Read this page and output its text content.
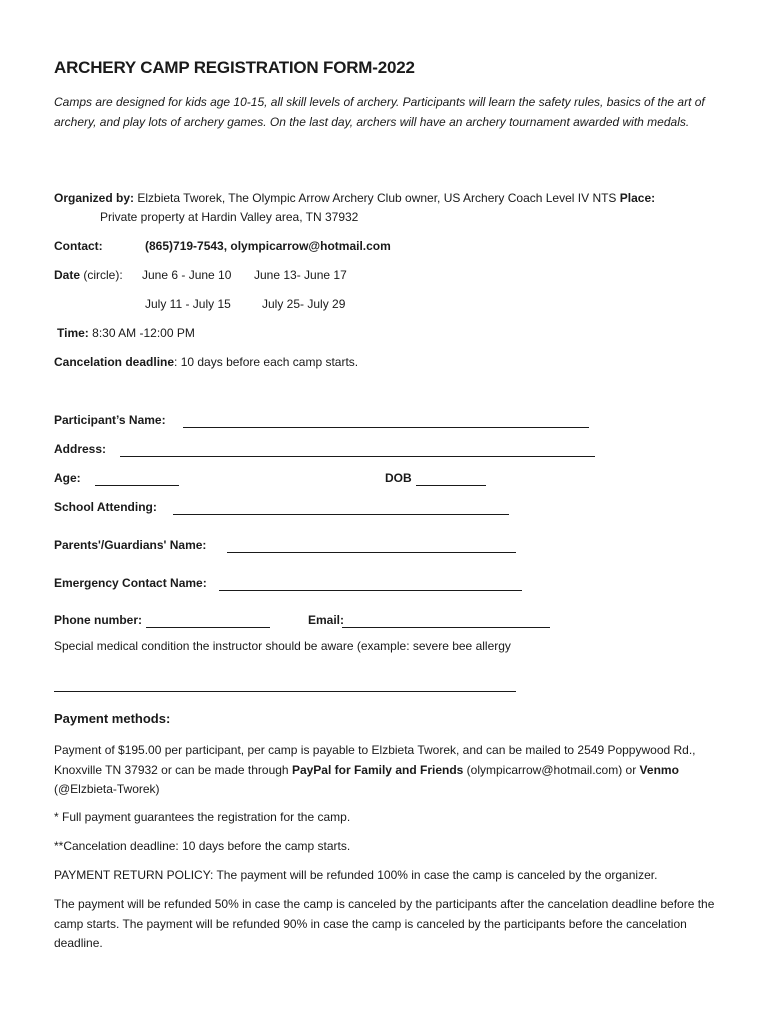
ARCHERY CAMP REGISTRATION FORM-2022
Camps are designed for kids age 10-15, all skill levels of archery. Participants will learn the safety rules, basics of the art of archery, and play lots of archery games. On the last day, archers will have an archery tournament awarded with medals.
Organized by: Elzbieta Tworek, The Olympic Arrow Archery Club owner, US Archery Coach Level IV NTS Place:
Private property at Hardin Valley area, TN 37932
Contact:	(865)719-7543, olympicarrow@hotmail.com
Date (circle): June 6 - June 10 June 13- June 17
July 11 - July 15	July 25- July 29
Time: 8:30 AM -12:00 PM
Cancelation deadline: 10 days before each camp starts.
Participant’s Name:
Address:
Age:	DOB
School Attending:
Parents'/Guardians' Name:
Emergency Contact Name:
Phone number:	Email:
Special medical condition the instructor should be aware (example: severe bee allergy
Payment methods:
Payment of $195.00 per participant, per camp is payable to Elzbieta Tworek, and can be mailed to 2549 Poppywood Rd., Knoxville TN 37932 or can be made through PayPal for Family and Friends (olympicarrow@hotmail.com) or Venmo (@Elzbieta-Tworek)
* Full payment guarantees the registration for the camp.
**Cancelation deadline: 10 days before the camp starts.
PAYMENT RETURN POLICY: The payment will be refunded 100% in case the camp is canceled by the organizer.
The payment will be refunded 50% in case the camp is canceled by the participants after the cancelation deadline before the camp starts. The payment will be refunded 90% in case the camp is canceled by the participants before the cancelation deadline.
